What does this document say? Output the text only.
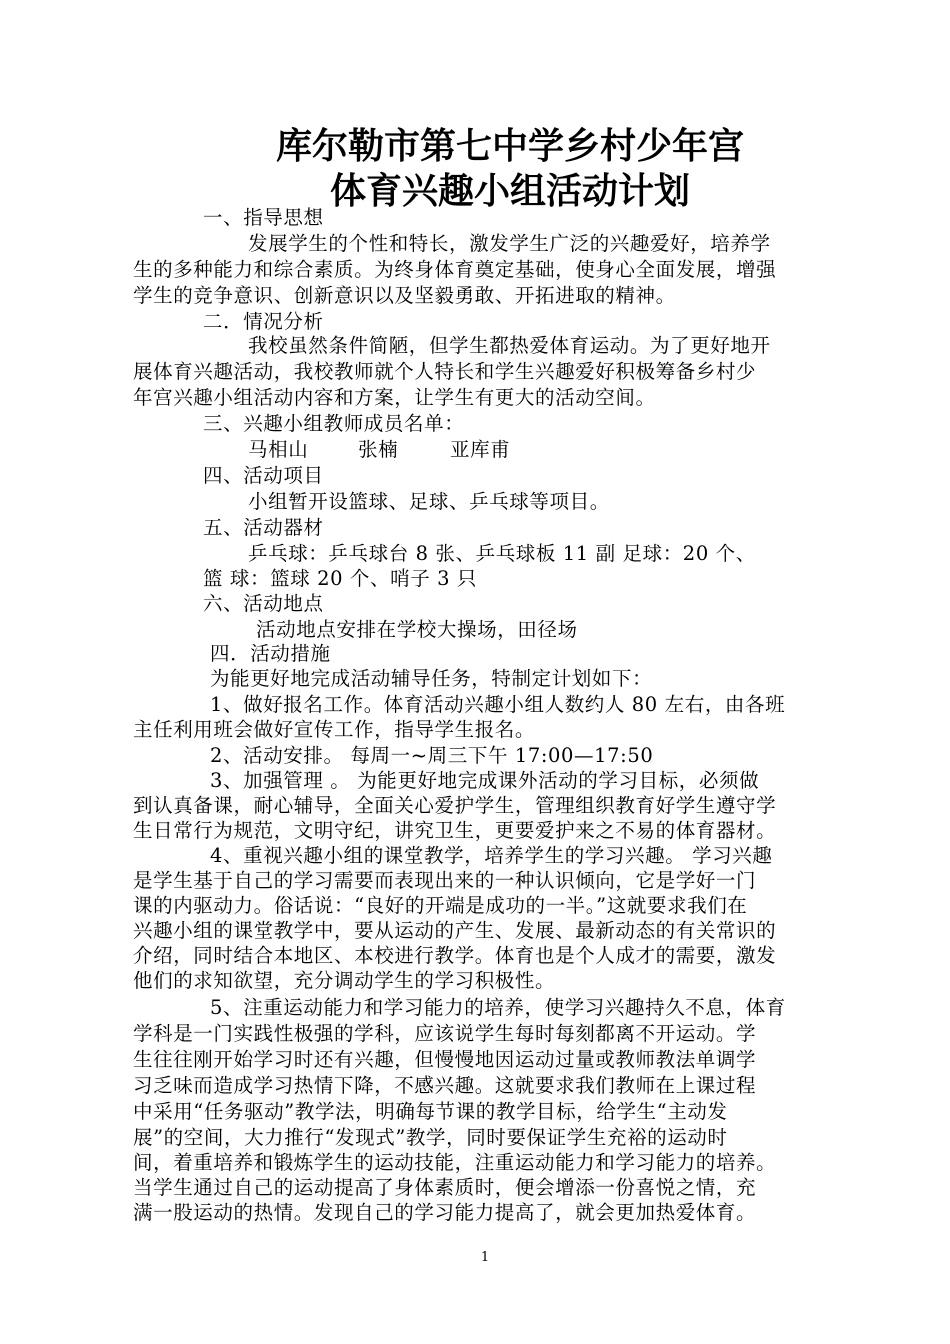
库尔勒市第七中学乡村少年宫
体育兴趣小组活动计划

一、指导思想

发展学生的个性和特长，激发学生广泛的兴趣爱好，培养学

生的多种能力和综合素质。为终身体育奠定基础，使身心全面发展，增强

学生的竞争意识、创新意识以及坚毅勇敢、开拓进取的精神。

二．情况分析

我校虽然条件简陋，但学生都热爱体育运动。为了更好地开

展体育兴趣活动，我校教师就个人特长和学生兴趣爱好积极筹备乡村少

年宫兴趣小组活动内容和方案，让学生有更大的活动空间。

三、兴趣小组教师成员名单：

马相山	张楠	亚库甫

四、活动项目

小组暂开设篮球、足球、乒乓球等项目。

五、活动器材

乒乓球：乒乓球台 8 张、乒乓球板 11 副 足球：20 个、

篮 球：篮球 20 个、哨子 3 只

六、活动地点

活动地点安排在学校大操场，田径场

四．活动措施

为能更好地完成活动辅导任务，特制定计划如下：

1、做好报名工作。体育活动兴趣小组人数约人 80 左右，由各班

主任利用班会做好宣传工作，指导学生报名。

2、活动安排。 每周一~周三下午 17:00—17:50

3、加强管理 。 为能更好地完成课外活动的学习目标，必须做

到认真备课，耐心辅导，全面关心爱护学生，管理组织教育好学生遵守学

生日常行为规范，文明守纪，讲究卫生，更要爱护来之不易的体育器材。

4、重视兴趣小组的课堂教学，培养学生的学习兴趣。 学习兴趣

是学生基于自己的学习需要而表现出来的一种认识倾向，它是学好一门

课的内驱动力。俗话说：“良好的开端是成功的一半。”这就要求我们在

兴趣小组的课堂教学中，要从运动的产生、发展、最新动态的有关常识的

介绍，同时结合本地区、本校进行教学。体育也是个人成才的需要，激发

他们的求知欲望，充分调动学生的学习积极性。

5、注重运动能力和学习能力的培养，使学习兴趣持久不息，体育

学科是一门实践性极强的学科，应该说学生每时每刻都离不开运动。学

生往往刚开始学习时还有兴趣，但慢慢地因运动过量或教师教法单调学

习乏味而造成学习热情下降，不感兴趣。这就要求我们教师在上课过程

中采用“任务驱动”教学法，明确每节课的教学目标，给学生“主动发

展”的空间，大力推行“发现式”教学，同时要保证学生充裕的运动时

间，着重培养和锻炼学生的运动技能，注重运动能力和学习能力的培养。

当学生通过自己的运动提高了身体素质时，便会增添一份喜悦之情，充

满一股运动的热情。发现自己的学习能力提高了，就会更加热爱体育。

1
